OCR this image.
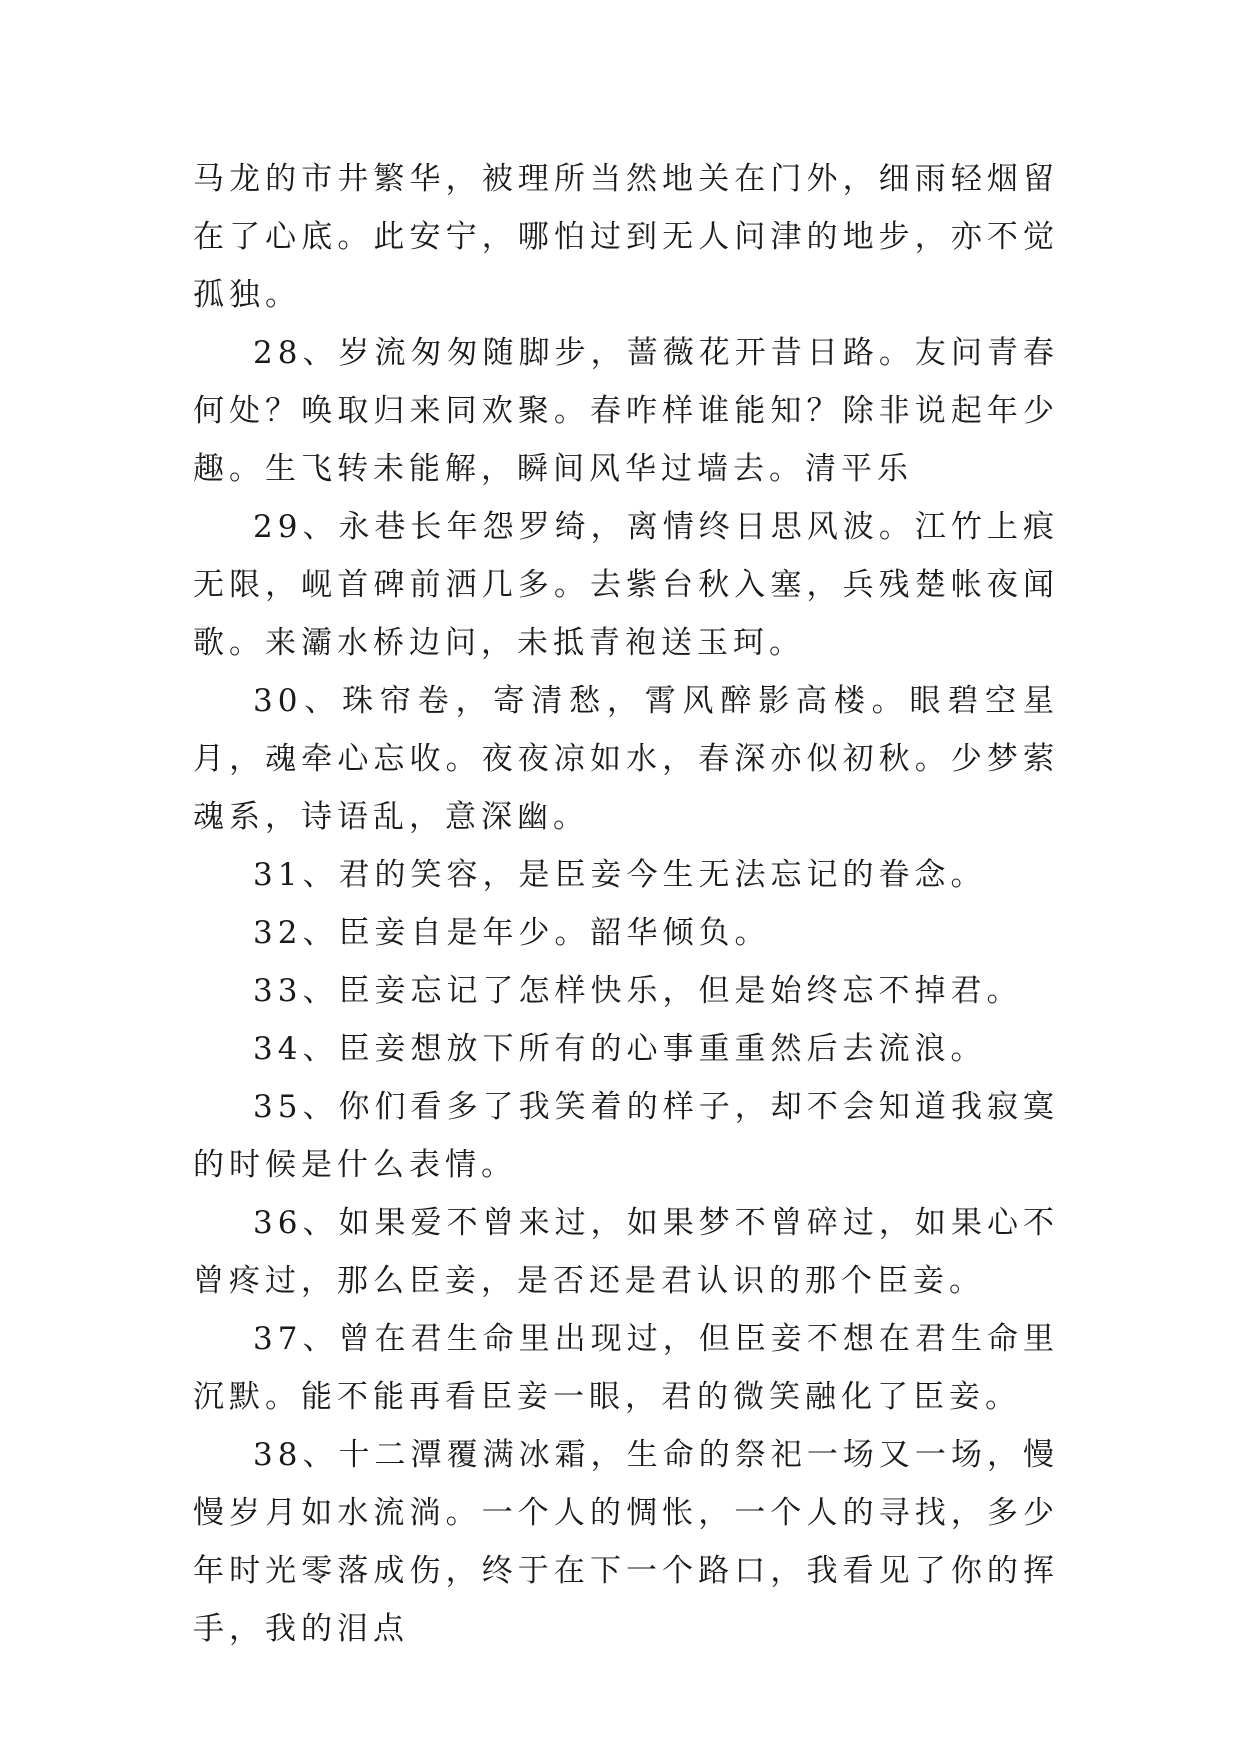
马龙的市井繁华，被理所当然地关在门外，细雨轻烟留在了心底。此安宁，哪怕过到无人问津的地步，亦不觉孤独。

28、岁流匆匆随脚步，蔷薇花开昔日路。友问青春何处？唤取归来同欢聚。春咋样谁能知？除非说起年少趣。生飞转未能解，瞬间风华过墙去。清平乐

29、永巷长年怨罗绮，离情终日思风波。江竹上痕无限，岘首碑前洒几多。去紫台秋入塞，兵残楚帐夜闻歌。来灞水桥边问，未抵青袍送玉珂。

30、珠帘卷，寄清愁，霄风醉影高楼。眼碧空星月，魂牵心忘收。夜夜凉如水，春深亦似初秋。少梦萦魂系，诗语乱，意深幽。

31、君的笑容，是臣妾今生无法忘记的眷念。

32、臣妾自是年少。韶华倾负。

33、臣妾忘记了怎样快乐，但是始终忘不掉君。

34、臣妾想放下所有的心事重重然后去流浪。

35、你们看多了我笑着的样子，却不会知道我寂寞的时候是什么表情。

36、如果爱不曾来过，如果梦不曾碎过，如果心不曾疼过，那么臣妾，是否还是君认识的那个臣妾。

37、曾在君生命里出现过，但臣妾不想在君生命里沉默。能不能再看臣妾一眼，君的微笑融化了臣妾。

38、十二潭覆满冰霜，生命的祭祀一场又一场，慢慢岁月如水流淌。一个人的惆怅，一个人的寻找，多少年时光零落成伤，终于在下一个路口，我看见了你的挥手，我的泪点
